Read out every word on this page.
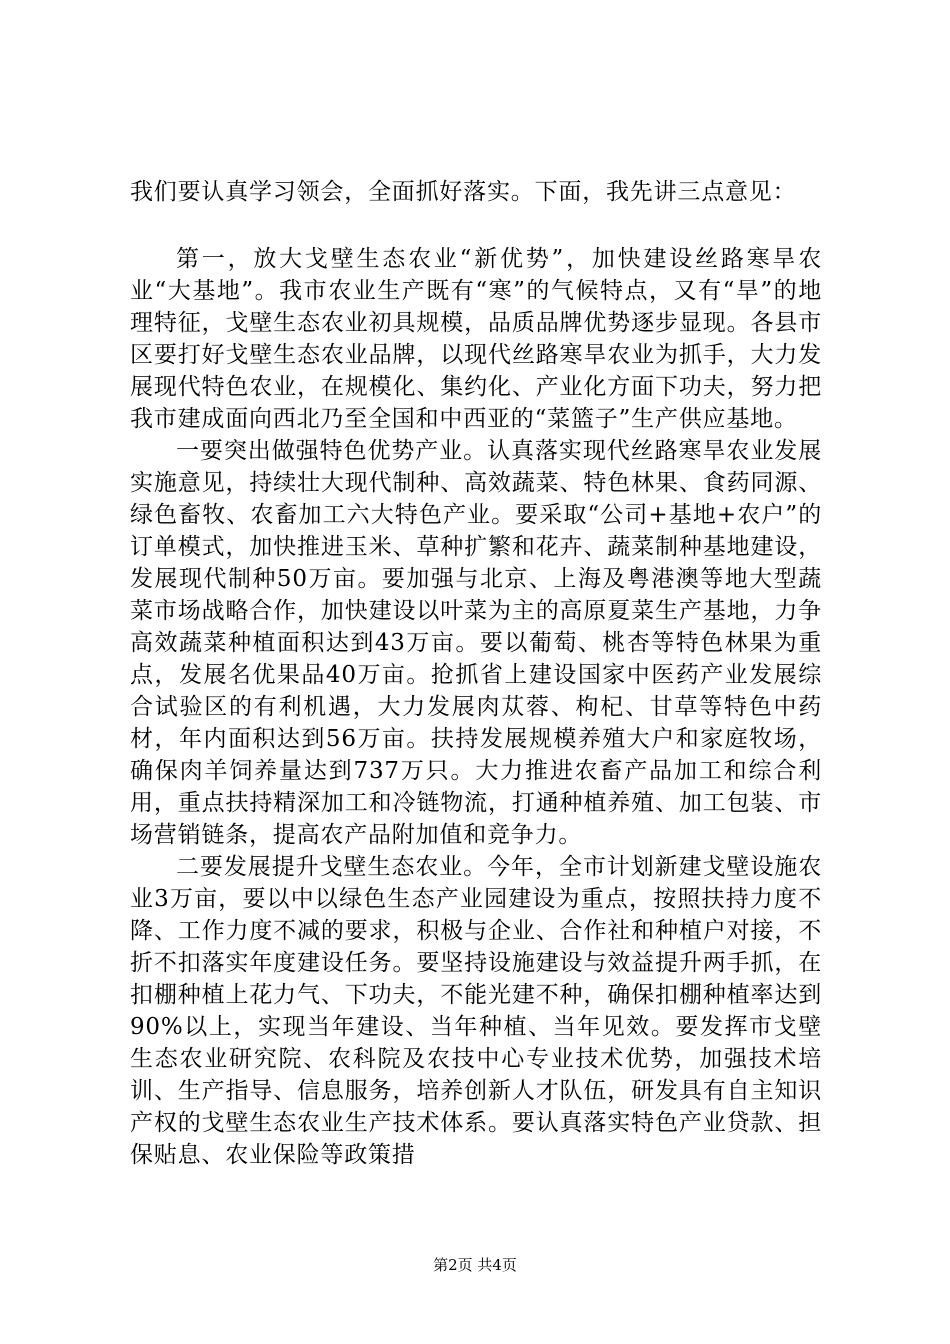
我们要认真学习领会，全面抓好落实。下面，我先讲三点意见：

第一，放大戈壁生态农业“新优势”，加快建设丝路寒旱农业“大基地”。我市农业生产既有“寒”的气候特点，又有“旱”的地理特征，戈壁生态农业初具规模，品质品牌优势逐步显现。各县市区要打好戈壁生态农业品牌，以现代丝路寒旱农业为抓手，大力发展现代特色农业，在规模化、集约化、产业化方面下功夫，努力把我市建成面向西北乃至全国和中西亚的“菜篮子”生产供应基地。

一要突出做强特色优势产业。认真落实现代丝路寒旱农业发展实施意见，持续壮大现代制种、高效蔬菜、特色林果、食药同源、绿色畜牧、农畜加工六大特色产业。要采取“公司+基地+农户”的订单模式，加快推进玉米、草种扩繁和花卉、蔬菜制种基地建设，发展现代制种50万亩。要加强与北京、上海及粤港澳等地大型蔬菜市场战略合作，加快建设以叶菜为主的高原夏菜生产基地，力争高效蔬菜种植面积达到43万亩。要以葡萄、桃杏等特色林果为重点，发展名优果品40万亩。抢抓省上建设国家中医药产业发展综合试验区的有利机遇，大力发展肉苁蓉、枸杞、甘草等特色中药材，年内面积达到56万亩。扶持发展规模养殖大户和家庭牧场，确保肉羊饲养量达到737万只。大力推进农畜产品加工和综合利用，重点扶持精深加工和冷链物流，打通种植养殖、加工包装、市场营销链条，提高农产品附加值和竞争力。

二要发展提升戈壁生态农业。今年，全市计划新建戈壁设施农业3万亩，要以中以绿色生态产业园建设为重点，按照扶持力度不降、工作力度不减的要求，积极与企业、合作社和种植户对接，不折不扣落实年度建设任务。要坚持设施建设与效益提升两手抓，在扣棚种植上花力气、下功夫，不能光建不种，确保扣棚种植率达到90%以上，实现当年建设、当年种植、当年见效。要发挥市戈壁生态农业研究院、农科院及农技中心专业技术优势，加强技术培训、生产指导、信息服务，培养创新人才队伍，研发具有自主知识产权的戈壁生态农业生产技术体系。要认真落实特色产业贷款、担保贴息、农业保险等政策措

第2页 共4页
